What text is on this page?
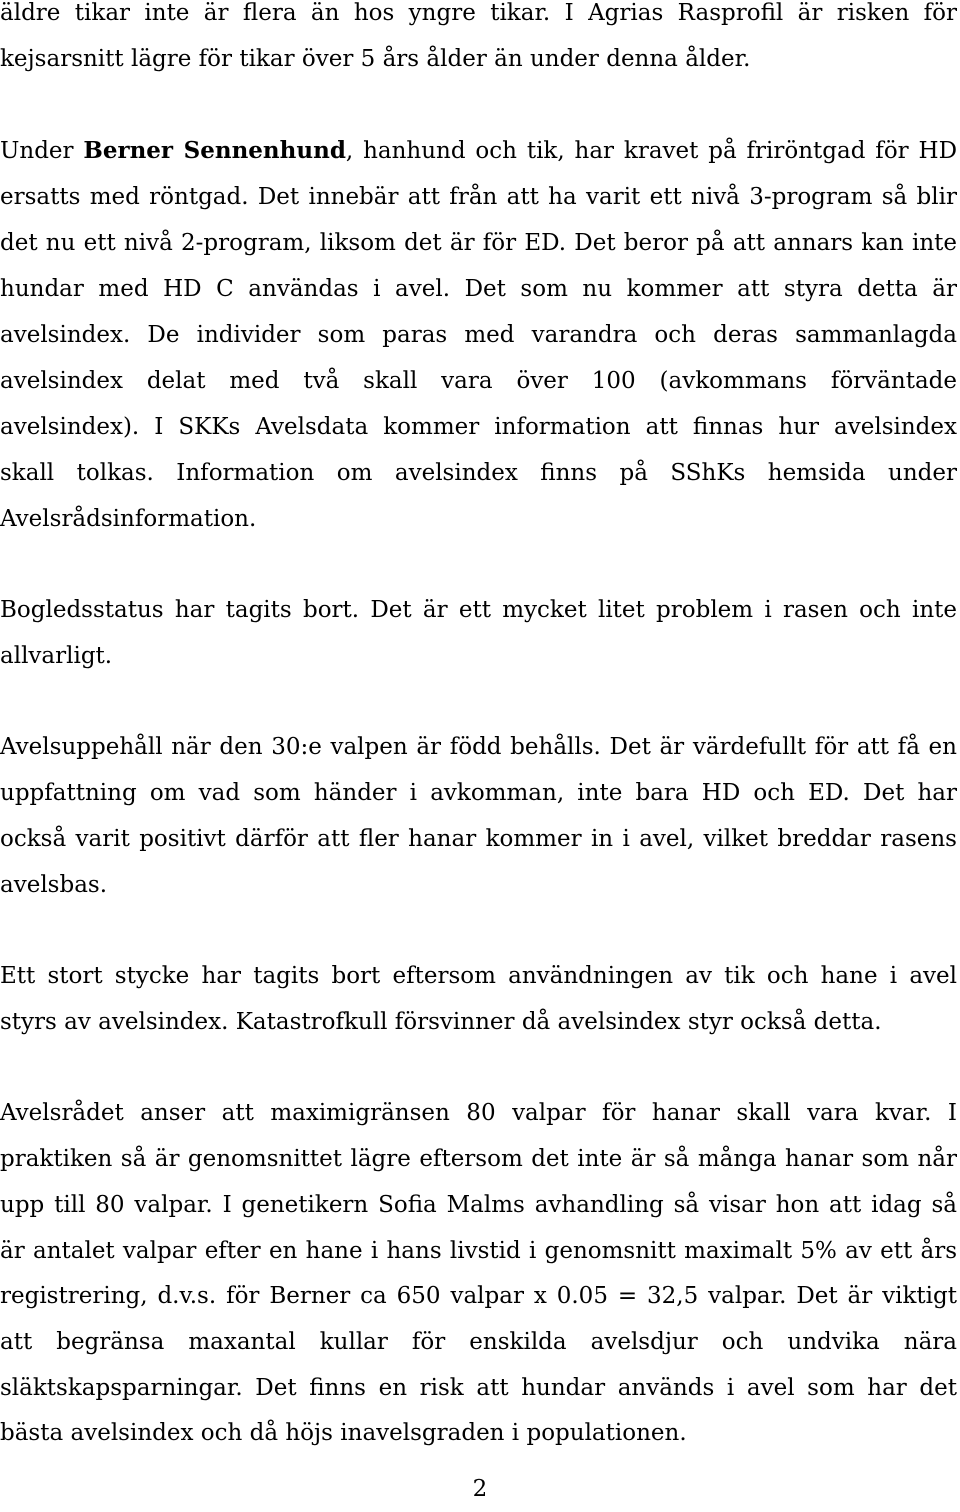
äldre tikar inte är flera än hos yngre tikar. I Agrias Rasprofil är risken för
kejsarsnitt lägre för tikar över 5 års ålder än under denna ålder.
Under Berner Sennenhund, hanhund och tik, har kravet på friröntgad för HD
ersatts med röntgad. Det innebär att från att ha varit ett nivå 3-program så blir
det nu ett nivå 2-program, liksom det är för ED. Det beror på att annars kan inte
hundar med HD C användas i avel. Det som nu kommer att styra detta är
avelsindex. De individer som paras med varandra och deras sammanlagda
avelsindex delat med två skall vara över 100 (avkommans förväntade
avelsindex). I SKKs Avelsdata kommer information att finnas hur avelsindex
skall tolkas. Information om avelsindex finns på SShKs hemsida under
Avelsrådsinformation.
Bogledsstatus har tagits bort. Det är ett mycket litet problem i rasen och inte
allvarligt.
Avelsuppehåll när den 30:e valpen är född behålls. Det är värdefullt för att få en
uppfattning om vad som händer i avkomman, inte bara HD och ED. Det har
också varit positivt därför att fler hanar kommer in i avel, vilket breddar rasens
avelsbas.
Ett stort stycke har tagits bort eftersom användningen av tik och hane i avel
styrs av avelsindex. Katastrofkull försvinner då avelsindex styr också detta.
Avelsrådet anser att maximigränsen 80 valpar för hanar skall vara kvar. I
praktiken så är genomsnittet lägre eftersom det inte är så många hanar som når
upp till 80 valpar. I genetikern Sofia Malms avhandling så visar hon att idag så
är antalet valpar efter en hane i hans livstid i genomsnitt maximalt 5% av ett års
registrering, d.v.s. för Berner ca 650 valpar x 0.05 = 32,5 valpar. Det är viktigt
att begränsa maxantal kullar för enskilda avelsdjur och undvika nära
släktskapsparningar. Det finns en risk att hundar används i avel som har det
bästa avelsindex och då höjs inavelsgraden i populationen.
2
